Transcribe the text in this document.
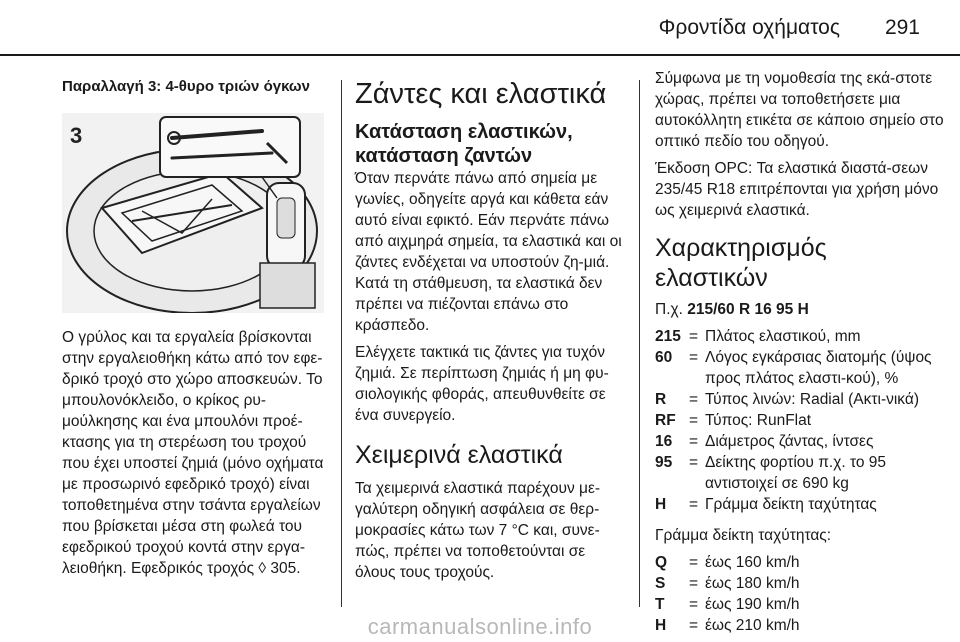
Φροντίδα οχήματος 291
Παραλλαγή 3: 4-θυρο τριών όγκων
3

Ο γρύλος και τα εργαλεία βρίσκονται στην εργαλειοθήκη κάτω από τον εφε-δρικό τροχό στο χώρο αποσκευών. Το μπουλονόκλειδο, ο κρίκος ρυ-μούλκησης και ένα μπουλόνι προέ-κτασης για τη στερέωση του τροχού που έχει υποστεί ζημιά (μόνο οχήματα με προσωρινό εφεδρικό τροχό) είναι τοποθετημένα στην τσάντα εργαλείων που βρίσκεται μέσα στη φωλεά του εφεδρικού τροχού κοντά στην εργα-λειοθήκη. Εφεδρικός τροχός ◊ 305.

Ζάντες και ελαστικά
Κατάσταση ελαστικών, κατάσταση ζαντών

Όταν περνάτε πάνω από σημεία με γωνίες, οδηγείτε αργά και κάθετα εάν αυτό είναι εφικτό. Εάν περνάτε πάνω από αιχμηρά σημεία, τα ελαστικά και οι ζάντες ενδέχεται να υποστούν ζη-μιά. Κατά τη στάθμευση, τα ελαστικά δεν πρέπει να πιέζονται επάνω στο κράσπεδο.

Ελέγχετε τακτικά τις ζάντες για τυχόν ζημιά. Σε περίπτωση ζημιάς ή μη φυ-σιολογικής φθοράς, απευθυνθείτε σε ένα συνεργείο.

Χειμερινά ελαστικά

Τα χειμερινά ελαστικά παρέχουν με-γαλύτερη οδηγική ασφάλεια σε θερ-μοκρασίες κάτω των 7 °C και, συνε-πώς, πρέπει να τοποθετούνται σε όλους τους τροχούς.

Σύμφωνα με τη νομοθεσία της εκά-στοτε χώρας, πρέπει να τοποθετήσετε μια αυτοκόλλητη ετικέτα σε κάποιο σημείο στο οπτικό πεδίο του οδηγού.

Έκδοση OPC: Τα ελαστικά διαστά-σεων 235/45 R18 επιτρέπονται για χρήση μόνο ως χειμερινά ελαστικά.

Χαρακτηρισμός ελαστικών

Π.χ. 215/60 R 16 95 H

215 = Πλάτος ελαστικού, mm
60	= Λόγος εγκάρσιας διατομής (ύψος προς πλάτος ελαστι-κού), %
R	= Τύπος λινών: Radial (Ακτι-νικά)
RF = Τύπος: RunFlat
16	= Διάμετρος ζάντας, ίντσες
95	= Δείκτης φορτίου π.χ. το 95 αντιστοιχεί σε 690 kg
H	= Γράμμα δείκτη ταχύτητας

Γράμμα δείκτη ταχύτητας:

Q	= έως 160 km/h
S	= έως 180 km/h
T	= έως 190 km/h
H	= έως 210 km/h
carmanualsonline.info
